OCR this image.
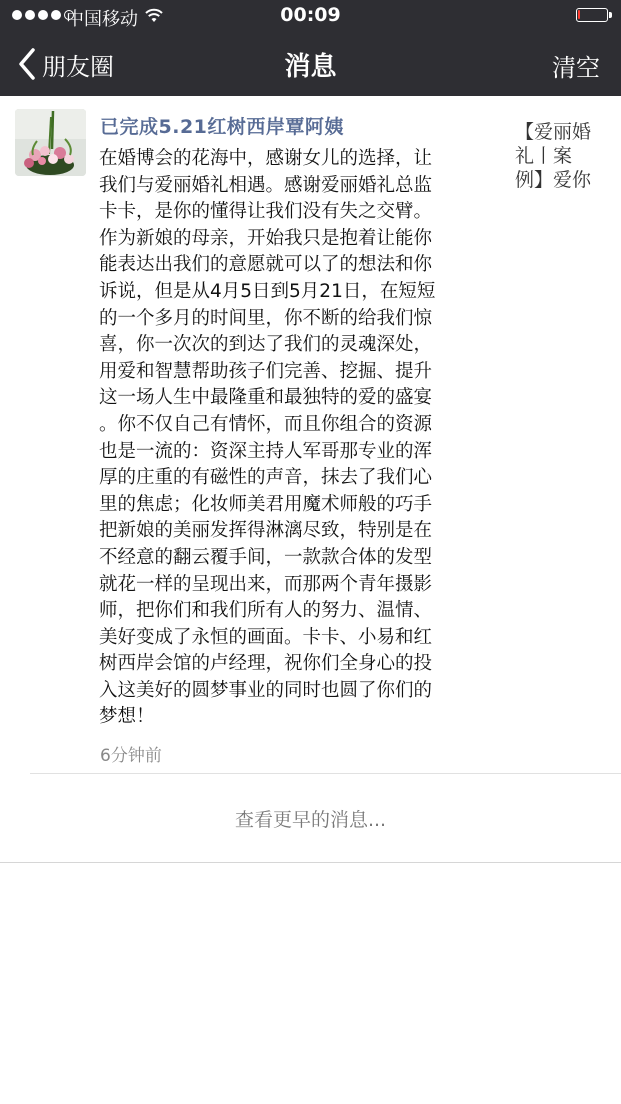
中国移动	00:09
朋友圈	消息	清空
已完成5.21红树西岸覃阿姨
在婚博会的花海中，感谢女儿的选择，让
我们与爱丽婚礼相遇。感谢爱丽婚礼总监
卡卡，是你的懂得让我们没有失之交臂。
作为新娘的母亲，开始我只是抱着让能你
能表达出我们的意愿就可以了的想法和你
诉说，但是从4月5日到5月21日，在短短
的一个多月的时间里，你不断的给我们惊
喜，你一次次的到达了我们的灵魂深处，
用爱和智慧帮助孩子们完善、挖掘、提升
这一场人生中最隆重和最独特的爱的盛宴
。你不仅自己有情怀，而且你组合的资源
也是一流的：资深主持人军哥那专业的浑
厚的庄重的有磁性的声音，抹去了我们心
里的焦虑；化妆师美君用魔术师般的巧手
把新娘的美丽发挥得淋漓尽致，特别是在
不经意的翻云覆手间，一款款合体的发型
就花一样的呈现出来，而那两个青年摄影
师，把你们和我们所有人的努力、温情、
美好变成了永恒的画面。卡卡、小易和红
树西岸会馆的卢经理，祝你们全身心的投
入这美好的圆梦事业的同时也圆了你们的
梦想！
【爱丽婚
礼丨案
例】爱你
6分钟前
查看更早的消息...
